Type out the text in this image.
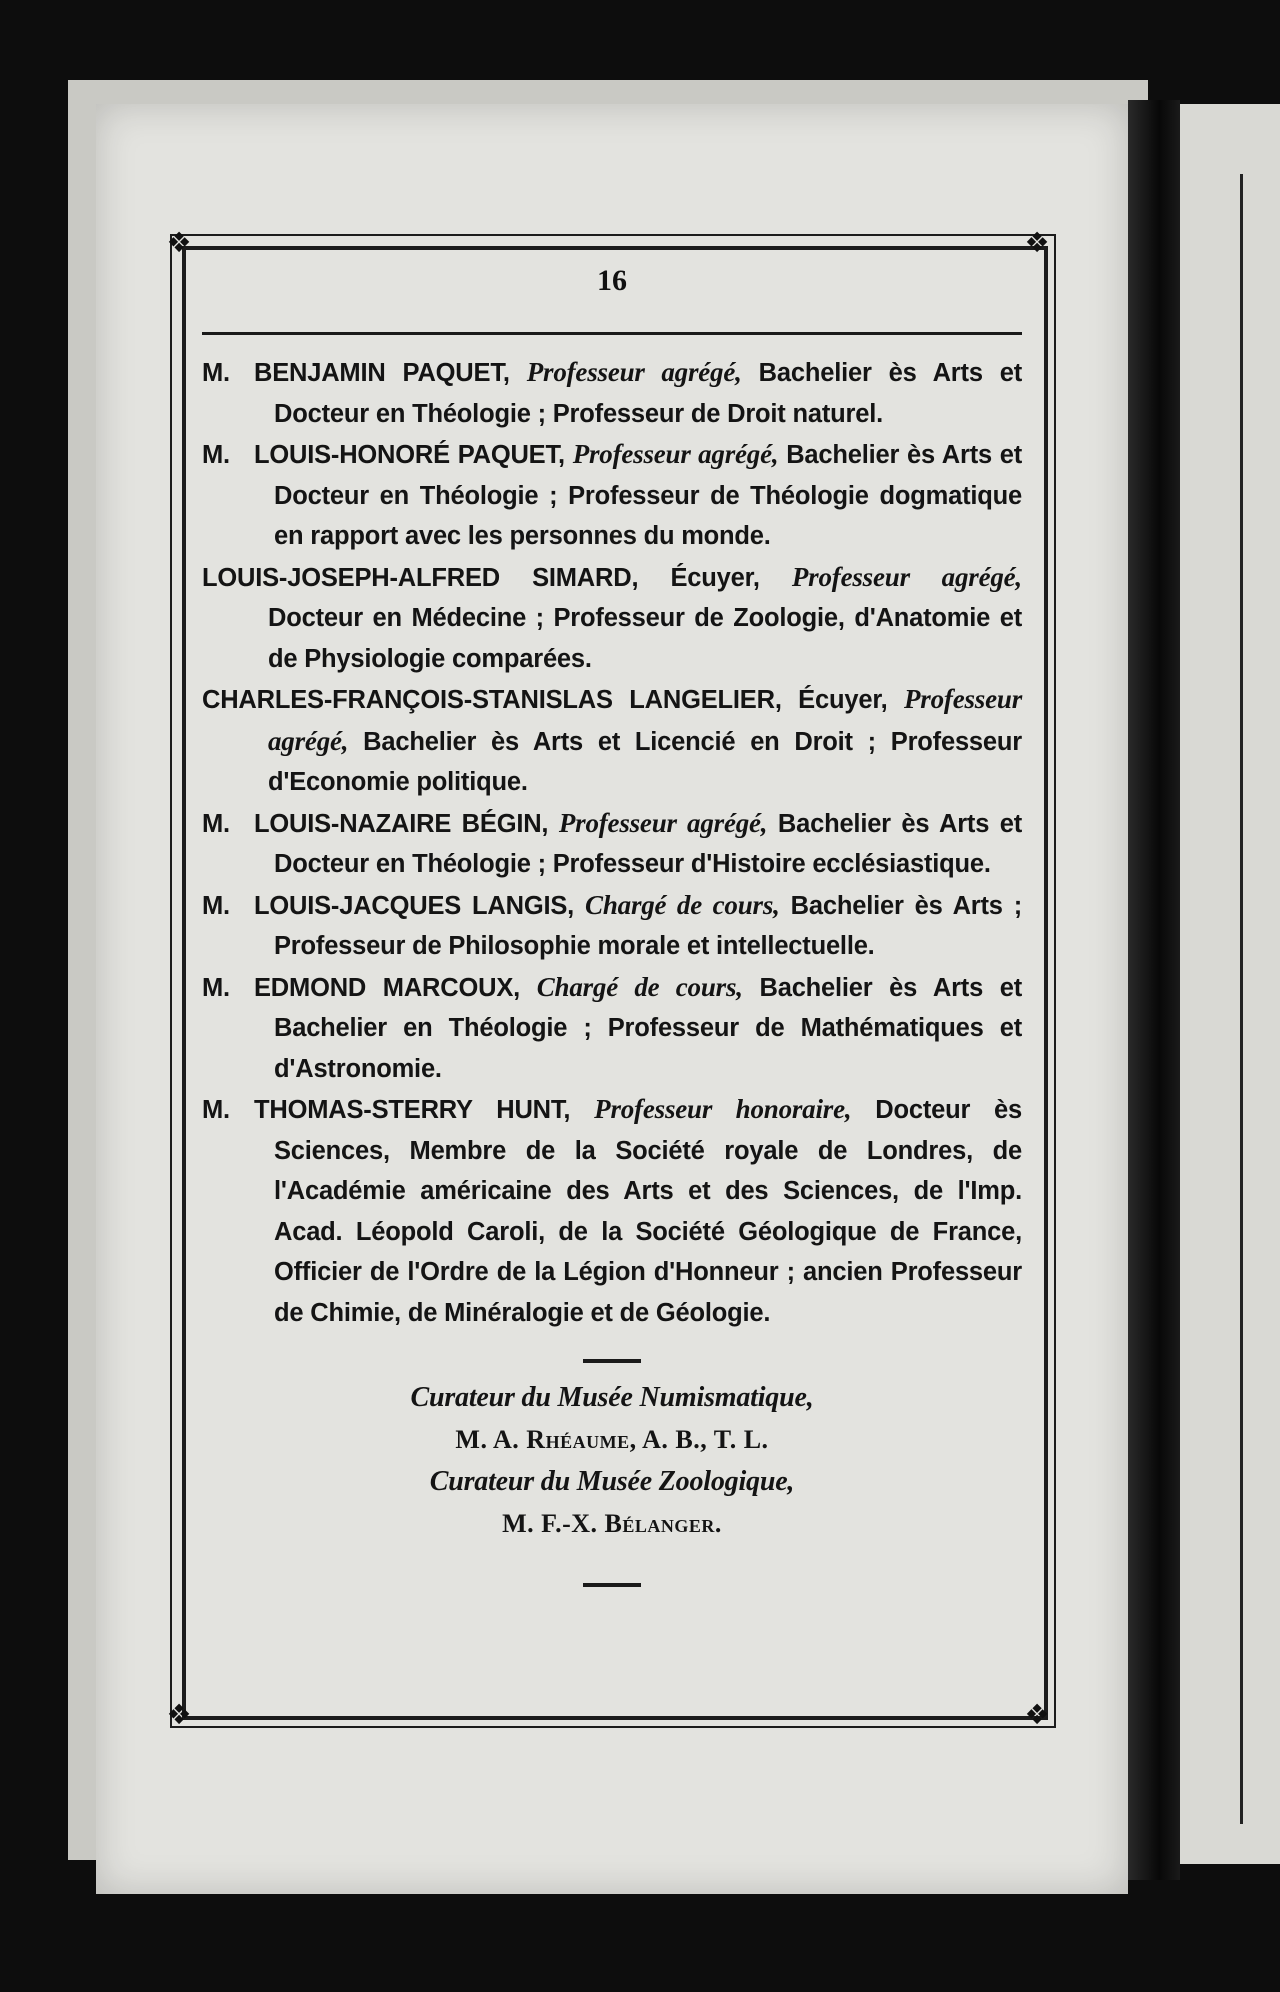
❖	❖
❖	❖
16
M. BENJAMIN PAQUET, Professeur agrégé, Bachelier ès Arts et Docteur en Théologie ; Professeur de Droit naturel.
M. LOUIS-HONORÉ PAQUET, Professeur agrégé, Bachelier ès Arts et Docteur en Théologie ; Professeur de Théologie dogmatique en rapport avec les personnes du monde.
LOUIS-JOSEPH-ALFRED SIMARD, Écuyer, Professeur agrégé, Docteur en Médecine ; Professeur de Zoologie, d'Anatomie et de Physiologie comparées.
CHARLES-FRANÇOIS-STANISLAS LANGELIER, Écuyer, Professeur agrégé, Bachelier ès Arts et Licencié en Droit ; Professeur d'Economie politique.
M. LOUIS-NAZAIRE BÉGIN, Professeur agrégé, Bachelier ès Arts et Docteur en Théologie ; Professeur d'Histoire ecclésiastique.
M. LOUIS-JACQUES LANGIS, Chargé de cours, Bachelier ès Arts ; Professeur de Philosophie morale et intellectuelle.
M. EDMOND MARCOUX, Chargé de cours, Bachelier ès Arts et Bachelier en Théologie ; Professeur de Mathématiques et d'Astronomie.
M. THOMAS-STERRY HUNT, Professeur honoraire, Docteur ès Sciences, Membre de la Société royale de Londres, de l'Académie américaine des Arts et des Sciences, de l'Imp. Acad. Léopold Caroli, de la Société Géologique de France, Officier de l'Ordre de la Légion d'Honneur ; ancien Professeur de Chimie, de Minéralogie et de Géologie.
Curateur du Musée Numismatique,
M. A. Rhéaume, A. B., T. L.
Curateur du Musée Zoologique,
M. F.-X. Bélanger.
